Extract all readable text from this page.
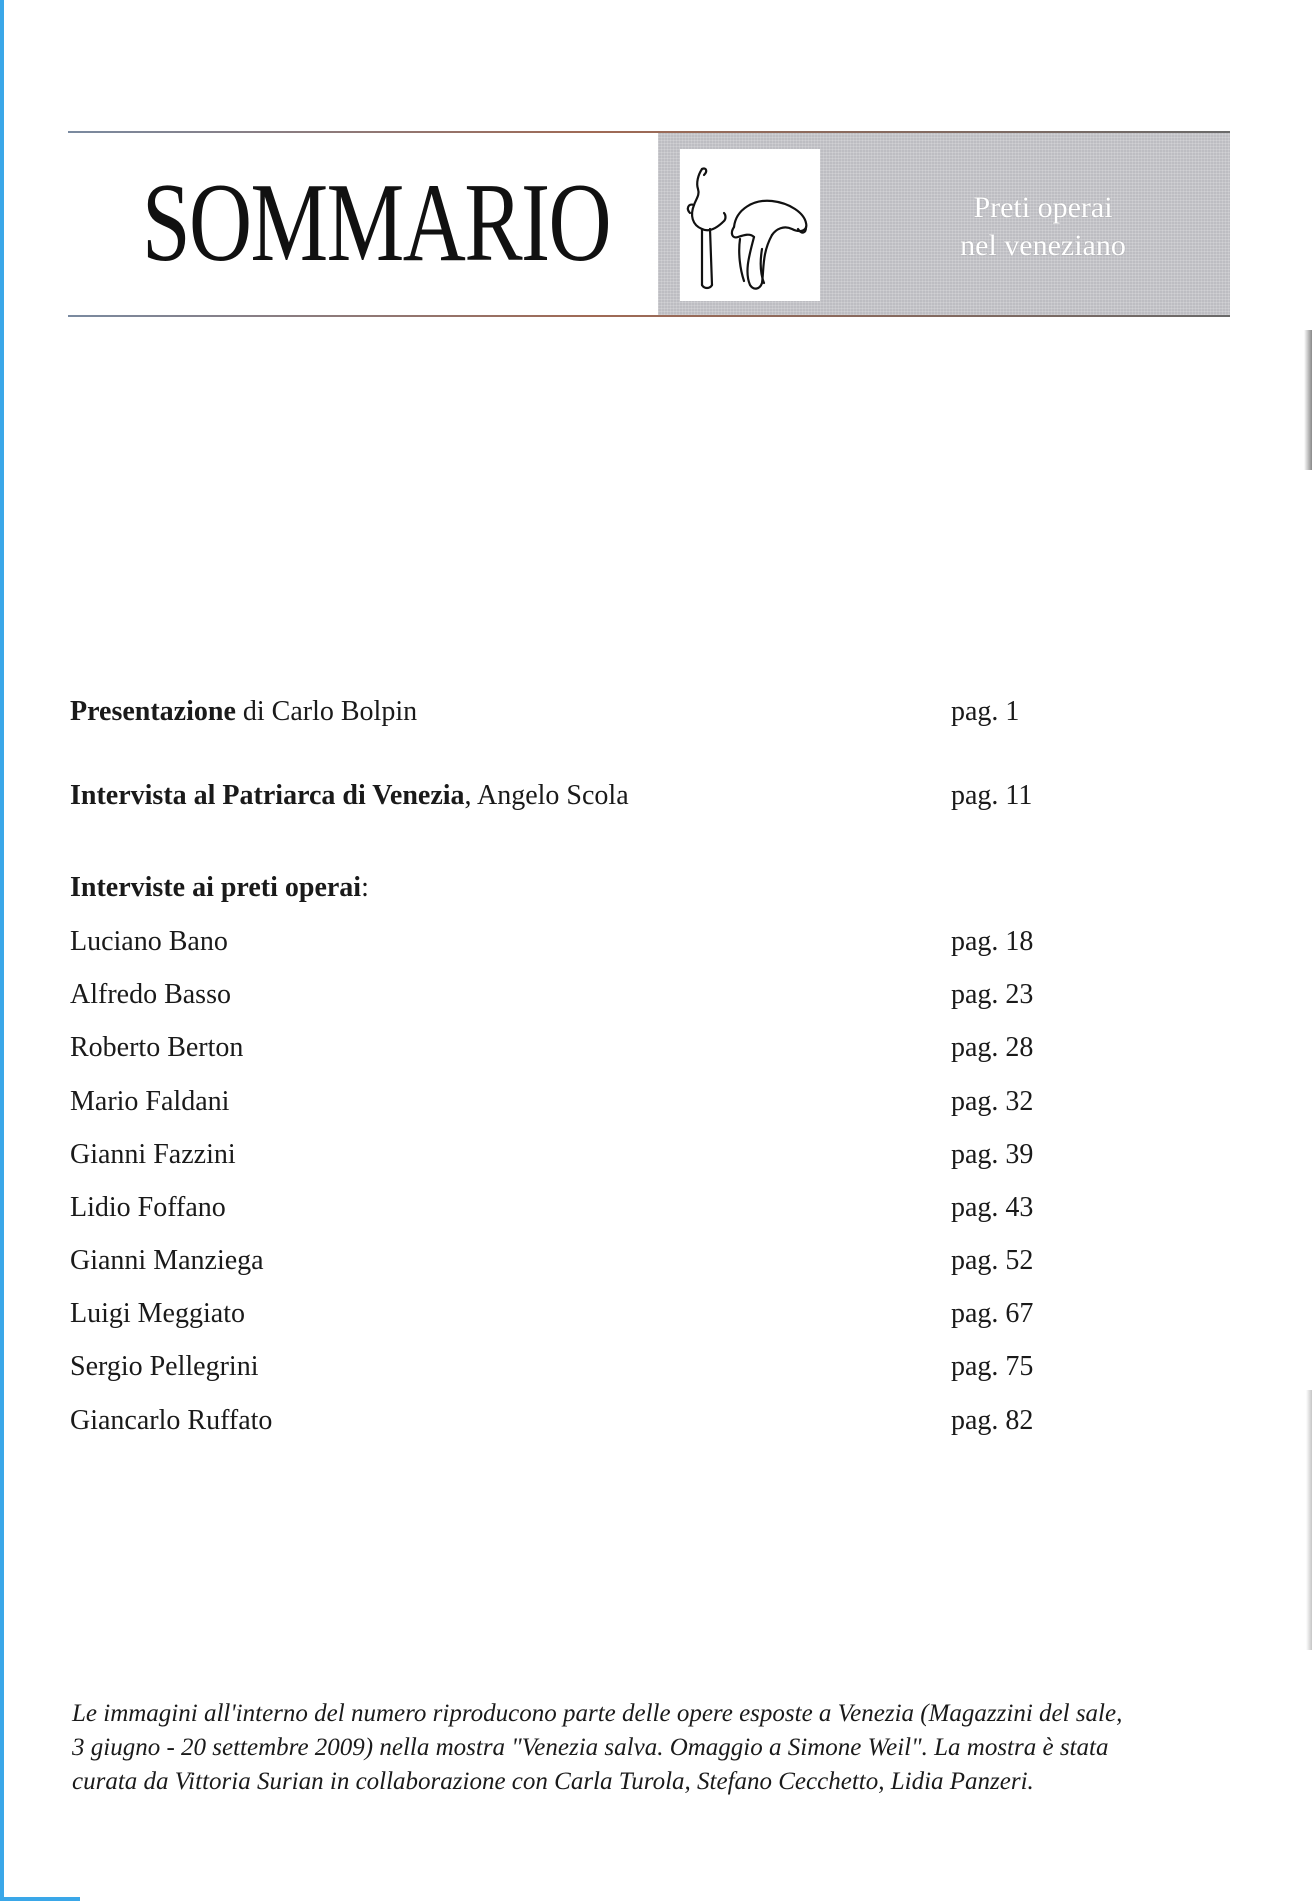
SOMMARIO	Preti operai
nel veneziano
Presentazione di Carlo Bolpin	pag. 1
Intervista al Patriarca di Venezia, Angelo Scola	pag. 11
Interviste ai preti operai:
Luciano Bano	pag. 18
Alfredo Basso	pag. 23
Roberto Berton	pag. 28
Mario Faldani	pag. 32
Gianni Fazzini	pag. 39
Lidio Foffano	pag. 43
Gianni Manziega	pag. 52
Luigi Meggiato	pag. 67
Sergio Pellegrini	pag. 75
Giancarlo Ruffato	pag. 82
Le immagini all'interno del numero riproducono parte delle opere esposte a Venezia (Magazzini del sale,
3 giugno - 20 settembre 2009) nella mostra "Venezia salva. Omaggio a Simone Weil". La mostra è stata
curata da Vittoria Surian in collaborazione con Carla Turola, Stefano Cecchetto, Lidia Panzeri.
